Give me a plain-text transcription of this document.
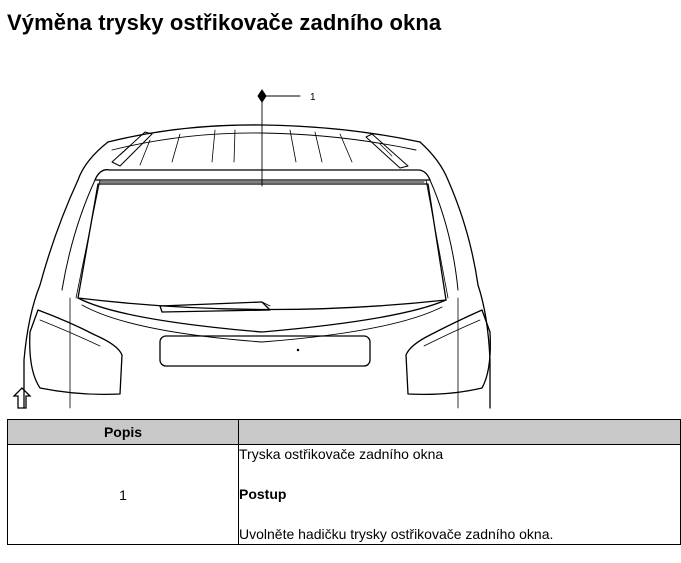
Výměna trysky ostřikovače zadního okna
1
Popis	
1	Tryska ostřikovače zadního okna
Postup
Uvolněte hadičku trysky ostřikovače zadního okna.
